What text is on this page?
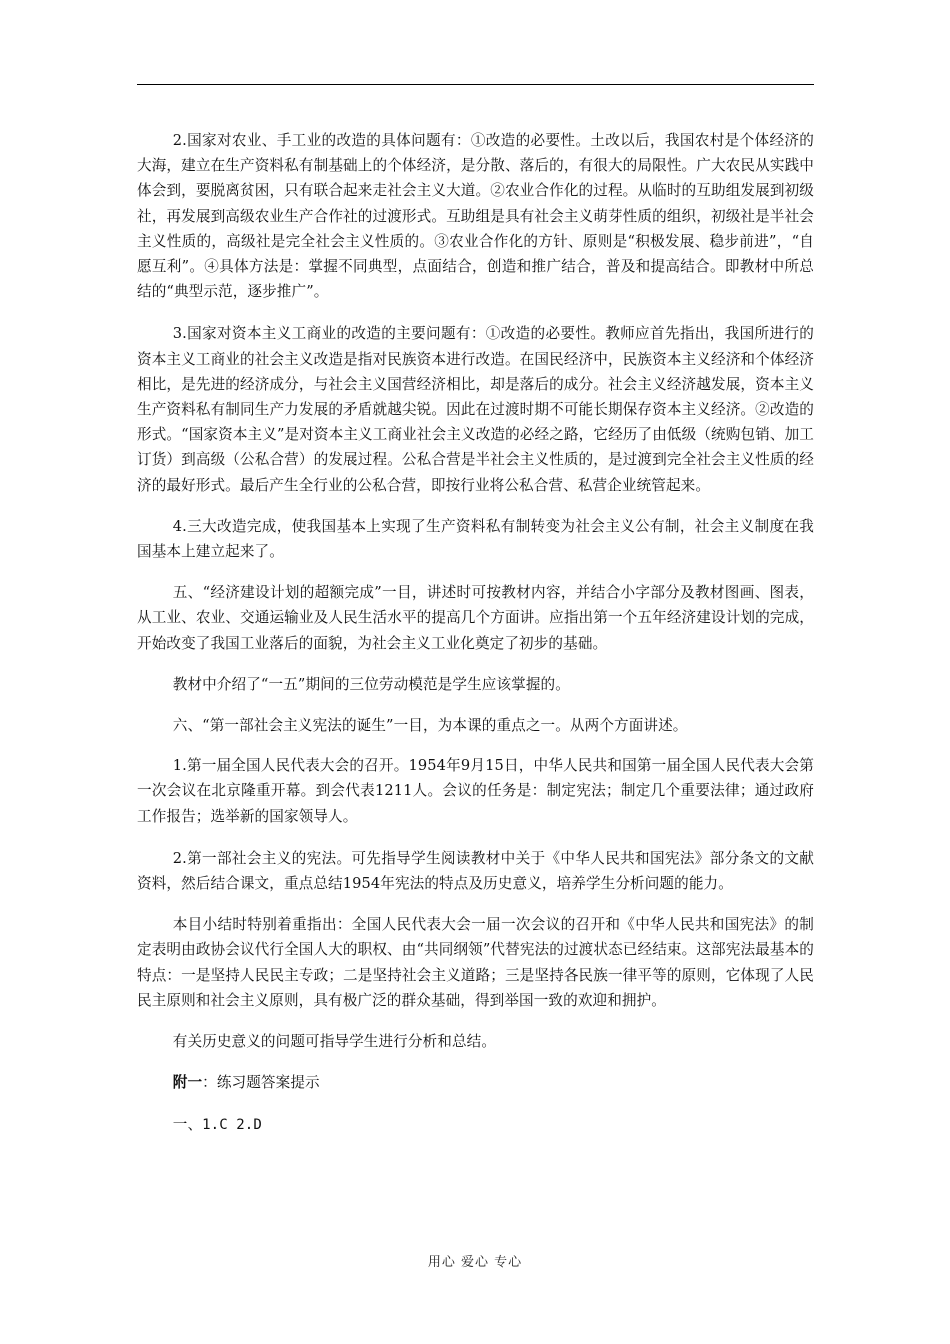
2.国家对农业、手工业的改造的具体问题有：①改造的必要性。土改以后，我国农村是个体经济的大海，建立在生产资料私有制基础上的个体经济，是分散、落后的，有很大的局限性。广大农民从实践中体会到，要脱离贫困，只有联合起来走社会主义大道。②农业合作化的过程。从临时的互助组发展到初级社，再发展到高级农业生产合作社的过渡形式。互助组是具有社会主义萌芽性质的组织，初级社是半社会主义性质的，高级社是完全社会主义性质的。③农业合作化的方针、原则是“积极发展、稳步前进”，“自愿互利”。④具体方法是：掌握不同典型，点面结合，创造和推广结合，普及和提高结合。即教材中所总结的“典型示范，逐步推广”。

3.国家对资本主义工商业的改造的主要问题有：①改造的必要性。教师应首先指出，我国所进行的资本主义工商业的社会主义改造是指对民族资本进行改造。在国民经济中，民族资本主义经济和个体经济相比，是先进的经济成分，与社会主义国营经济相比，却是落后的成分。社会主义经济越发展，资本主义生产资料私有制同生产力发展的矛盾就越尖锐。因此在过渡时期不可能长期保存资本主义经济。②改造的形式。“国家资本主义”是对资本主义工商业社会主义改造的必经之路，它经历了由低级（统购包销、加工订货）到高级（公私合营）的发展过程。公私合营是半社会主义性质的，是过渡到完全社会主义性质的经济的最好形式。最后产生全行业的公私合营，即按行业将公私合营、私营企业统管起来。

4.三大改造完成，使我国基本上实现了生产资料私有制转变为社会主义公有制，社会主义制度在我国基本上建立起来了。

五、“经济建设计划的超额完成”一目，讲述时可按教材内容，并结合小字部分及教材图画、图表，从工业、农业、交通运输业及人民生活水平的提高几个方面讲。应指出第一个五年经济建设计划的完成，开始改变了我国工业落后的面貌，为社会主义工业化奠定了初步的基础。

教材中介绍了“一五”期间的三位劳动模范是学生应该掌握的。

六、“第一部社会主义宪法的诞生”一目，为本课的重点之一。从两个方面讲述。

1.第一届全国人民代表大会的召开。1954年9月15日，中华人民共和国第一届全国人民代表大会第一次会议在北京隆重开幕。到会代表1211人。会议的任务是：制定宪法；制定几个重要法律；通过政府工作报告；选举新的国家领导人。

2.第一部社会主义的宪法。可先指导学生阅读教材中关于《中华人民共和国宪法》部分条文的文献资料，然后结合课文，重点总结1954年宪法的特点及历史意义，培养学生分析问题的能力。

本目小结时特别着重指出：全国人民代表大会一届一次会议的召开和《中华人民共和国宪法》的制定表明由政协会议代行全国人大的职权、由“共同纲领”代替宪法的过渡状态已经结束。这部宪法最基本的特点：一是坚持人民民主专政；二是坚持社会主义道路；三是坚持各民族一律平等的原则，它体现了人民民主原则和社会主义原则，具有极广泛的群众基础，得到举国一致的欢迎和拥护。

有关历史意义的问题可指导学生进行分析和总结。

附一：练习题答案提示

一、1.C 2.D

用心 爱心 专心
